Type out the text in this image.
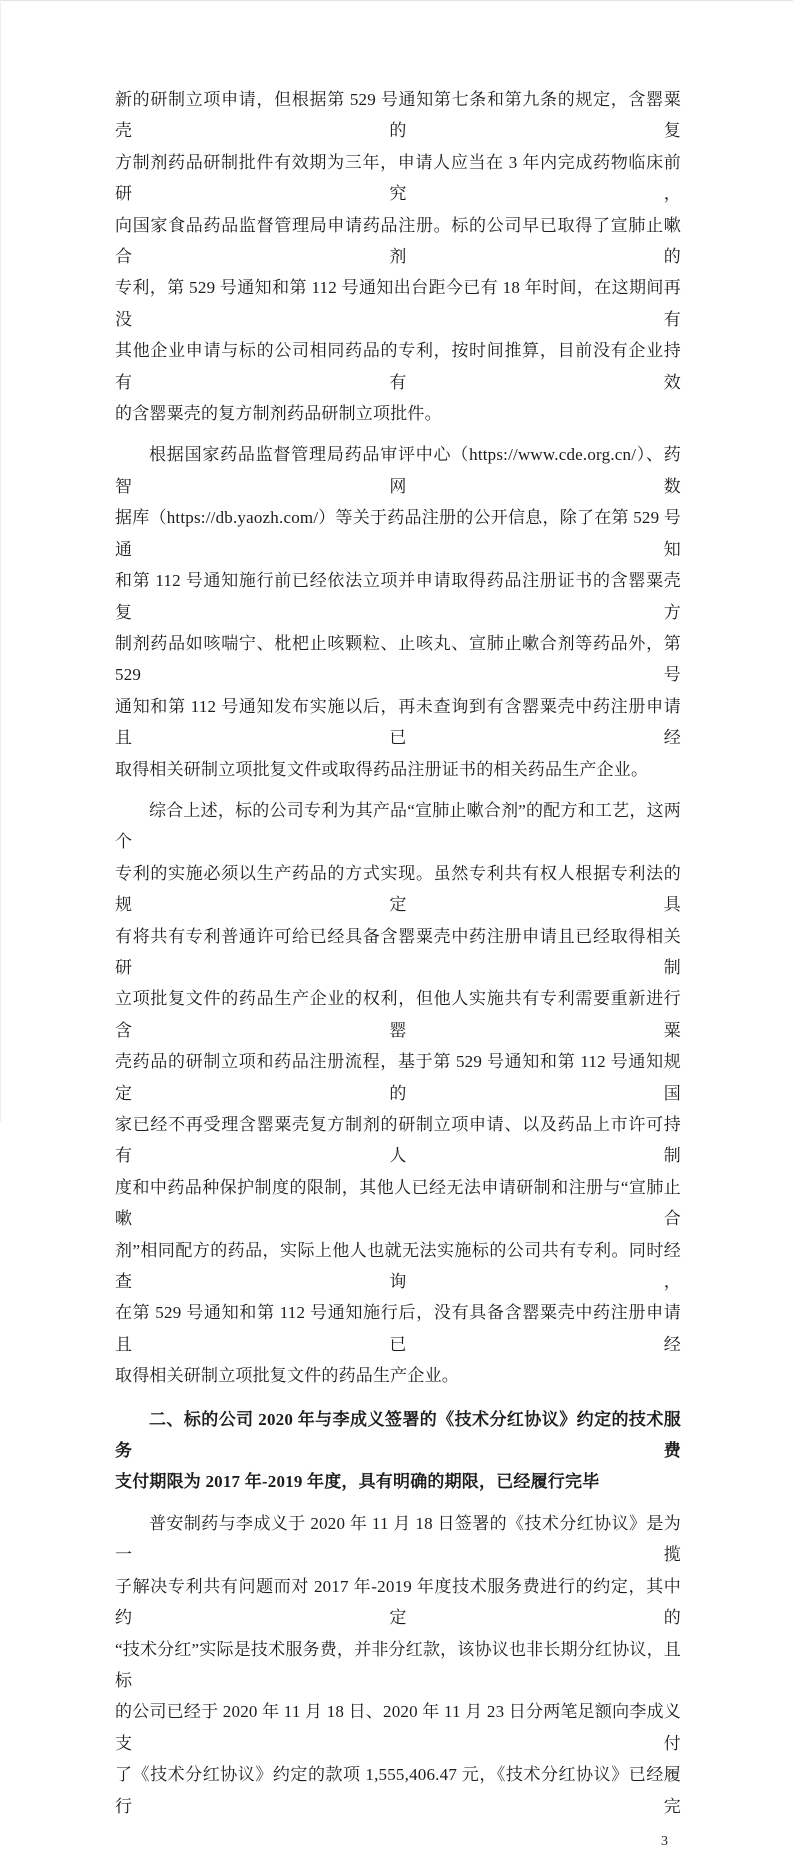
新的研制立项申请，但根据第 529 号通知第七条和第九条的规定，含罂粟壳的复
方制剂药品研制批件有效期为三年，申请人应当在 3 年内完成药物临床前研究，
向国家食品药品监督管理局申请药品注册。标的公司早已取得了宣肺止嗽合剂的
专利，第 529 号通知和第 112 号通知出台距今已有 18 年时间，在这期间再没有
其他企业申请与标的公司相同药品的专利，按时间推算，目前没有企业持有有效
的含罂粟壳的复方制剂药品研制立项批件。
根据国家药品监督管理局药品审评中心（https://www.cde.org.cn/）、药智网数
据库（https://db.yaozh.com/）等关于药品注册的公开信息，除了在第 529 号通知
和第 112 号通知施行前已经依法立项并申请取得药品注册证书的含罂粟壳复方
制剂药品如咳喘宁、枇杷止咳颗粒、止咳丸、宣肺止嗽合剂等药品外，第 529 号
通知和第 112 号通知发布实施以后，再未查询到有含罂粟壳中药注册申请且已经
取得相关研制立项批复文件或取得药品注册证书的相关药品生产企业。
综合上述，标的公司专利为其产品“宣肺止嗽合剂”的配方和工艺，这两个
专利的实施必须以生产药品的方式实现。虽然专利共有权人根据专利法的规定具
有将共有专利普通许可给已经具备含罂粟壳中药注册申请且已经取得相关研制
立项批复文件的药品生产企业的权利，但他人实施共有专利需要重新进行含罂粟
壳药品的研制立项和药品注册流程，基于第 529 号通知和第 112 号通知规定的国
家已经不再受理含罂粟壳复方制剂的研制立项申请、以及药品上市许可持有人制
度和中药品种保护制度的限制，其他人已经无法申请研制和注册与“宣肺止嗽合
剂”相同配方的药品，实际上他人也就无法实施标的公司共有专利。同时经查询，
在第 529 号通知和第 112 号通知施行后，没有具备含罂粟壳中药注册申请且已经
取得相关研制立项批复文件的药品生产企业。
二、标的公司 2020 年与李成义签署的《技术分红协议》约定的技术服务费
支付期限为 2017 年-2019 年度，具有明确的期限，已经履行完毕
普安制药与李成义于 2020 年 11 月 18 日签署的《技术分红协议》是为一揽
子解决专利共有问题而对 2017 年-2019 年度技术服务费进行的约定，其中约定的
“技术分红”实际是技术服务费，并非分红款，该协议也非长期分红协议，且标
的公司已经于 2020 年 11 月 18 日、2020 年 11 月 23 日分两笔足额向李成义支付
了《技术分红协议》约定的款项 1,555,406.47 元，《技术分红协议》已经履行完
3
